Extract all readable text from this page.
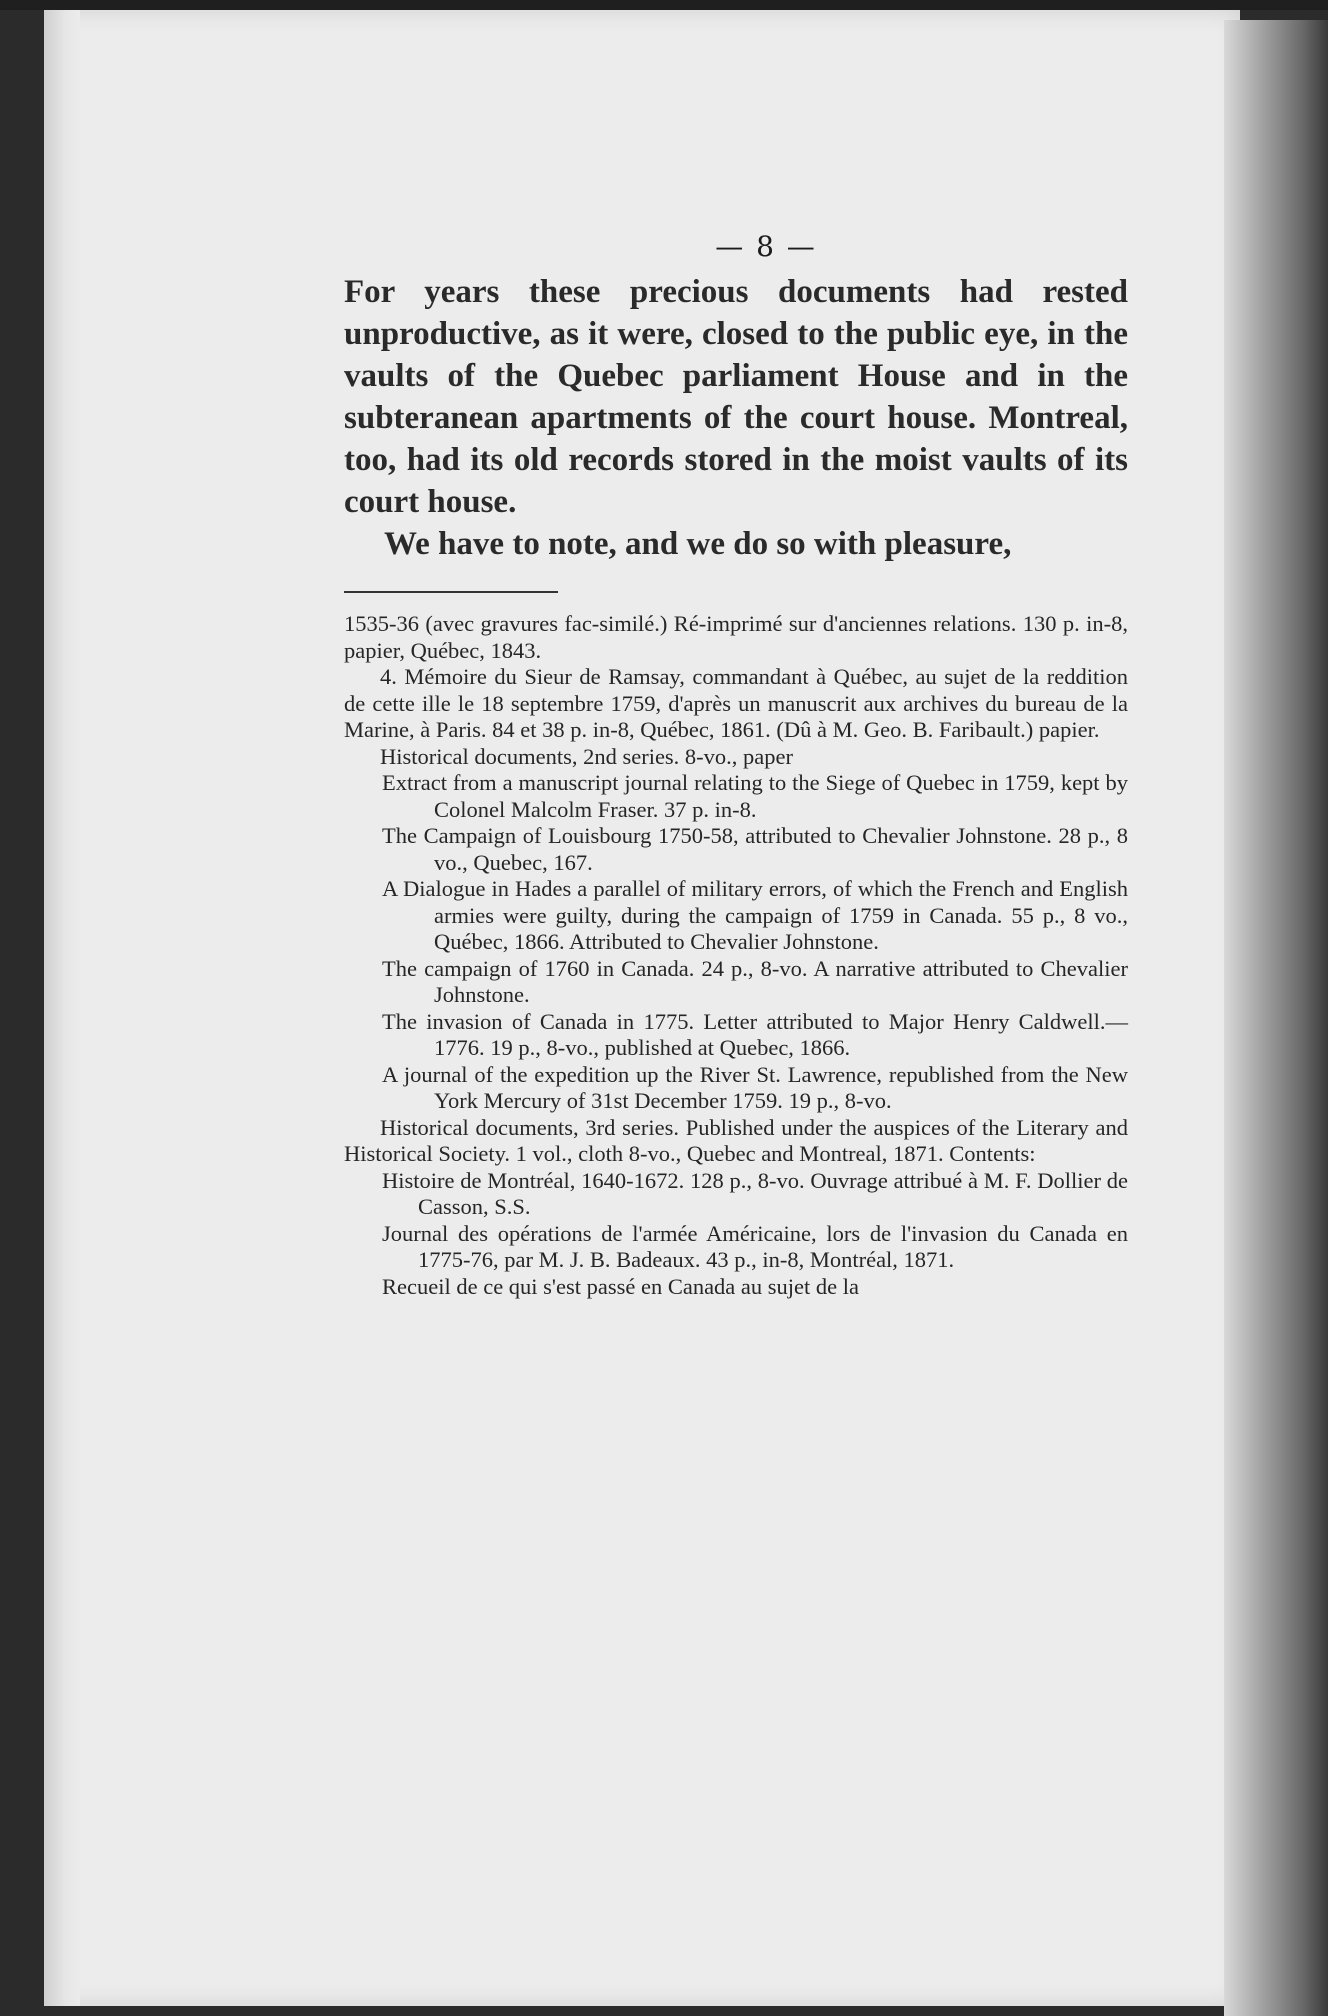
— 8 —

For years these precious documents had rested unproductive, as it were, closed to the public eye, in the vaults of the Quebec parliament House and in the subteranean apartments of the court house. Montreal, too, had its old records stored in the moist vaults of its court house.

We have to note, and we do so with pleasure,

1535-36 (avec gravures fac-similé.) Ré-imprimé sur d'anciennes relations. 130 p. in-8, papier, Québec, 1843.

4. Mémoire du Sieur de Ramsay, commandant à Québec, au sujet de la reddition de cette ille le 18 septembre 1759, d'après un manuscrit aux archives du bureau de la Marine, à Paris. 84 et 38 p. in-8, Québec, 1861. (Dû à M. Geo. B. Faribault.) papier.

Historical documents, 2nd series. 8-vo., paper

Extract from a manuscript journal relating to the Siege of Quebec in 1759, kept by Colonel Malcolm Fraser. 37 p. in-8.

The Campaign of Louisbourg 1750-58, attributed to Chevalier Johnstone. 28 p., 8 vo., Quebec, 167.

A Dialogue in Hades a parallel of military errors, of which the French and English armies were guilty, during the campaign of 1759 in Canada. 55 p., 8 vo., Québec, 1866. Attributed to Chevalier Johnstone.

The campaign of 1760 in Canada. 24 p., 8-vo. A narrative attributed to Chevalier Johnstone.

The invasion of Canada in 1775. Letter attributed to Major Henry Caldwell.—1776. 19 p., 8-vo., published at Quebec, 1866.

A journal of the expedition up the River St. Lawrence, republished from the New York Mercury of 31st December 1759. 19 p., 8-vo.

Historical documents, 3rd series. Published under the auspices of the Literary and Historical Society. 1 vol., cloth 8-vo., Quebec and Montreal, 1871. Contents:

Histoire de Montréal, 1640-1672. 128 p., 8-vo. Ouvrage attribué à M. F. Dollier de Casson, S.S.

Journal des opérations de l'armée Américaine, lors de l'invasion du Canada en 1775-76, par M. J. B. Badeaux. 43 p., in-8, Montréal, 1871.

Recueil de ce qui s'est passé en Canada au sujet de la
